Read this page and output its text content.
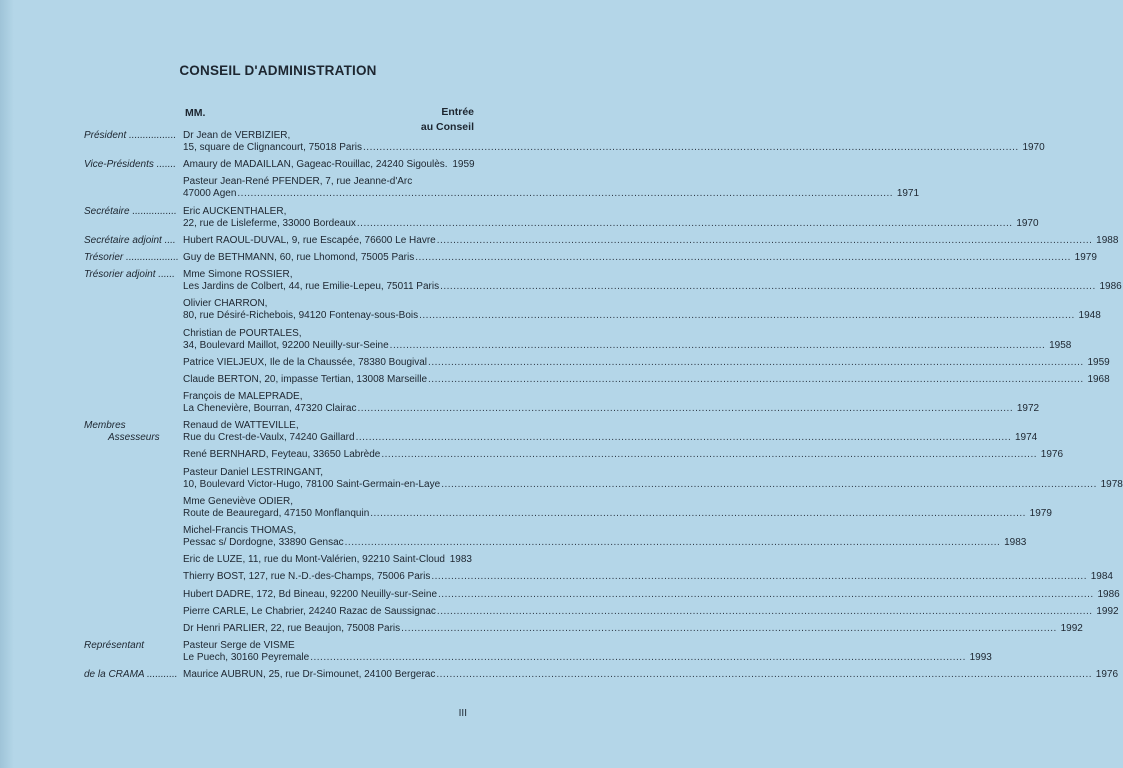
CONSEIL D'ADMINISTRATION
MM.	Entrée
au Conseil
Président ................. Dr Jean de VERBIZIER,
15, square de Clignancourt, 75018 Paris ........................................................................................................................................................................................................ 1970
Vice-Présidents ....... Amaury de MADAILLAN, Gageac-Rouillac, 24240 Sigoulès. 1959
Pasteur Jean-René PFENDER, 7, rue Jeanne-d'Arc
47000 Agen ........................................................................................................................................................................................................ 1971
Secrétaire ................ Eric AUCKENTHALER,
22, rue de Lisleferme, 33000 Bordeaux ........................................................................................................................................................................................................ 1970
Secrétaire adjoint .... Hubert RAOUL-DUVAL, 9, rue Escapée, 76600 Le Havre ........................................................................................................................................................................................................ 1988
Trésorier ................... Guy de BETHMANN, 60, rue Lhomond, 75005 Paris ........................................................................................................................................................................................................ 1979
Trésorier adjoint ...... Mme Simone ROSSIER,
Les Jardins de Colbert, 44, rue Emilie-Lepeu, 75011 Paris ........................................................................................................................................................................................................ 1986
Olivier CHARRON,
80, rue Désiré-Richebois, 94120 Fontenay-sous-Bois ........................................................................................................................................................................................................ 1948
Christian de POURTALES,
34, Boulevard Maillot, 92200 Neuilly-sur-Seine ........................................................................................................................................................................................................ 1958
Patrice VIELJEUX, Ile de la Chaussée, 78380 Bougival ........................................................................................................................................................................................................ 1959
Claude BERTON, 20, impasse Tertian, 13008 Marseille ........................................................................................................................................................................................................ 1968
François de MALEPRADE,
La Chenevière, Bourran, 47320 Clairac ........................................................................................................................................................................................................ 1972
Membres
Assesseurs
Renaud de WATTEVILLE,
Rue du Crest-de-Vaulx, 74240 Gaillard ........................................................................................................................................................................................................ 1974
René BERNHARD, Feyteau, 33650 Labrède ........................................................................................................................................................................................................ 1976
Pasteur Daniel LESTRINGANT,
10, Boulevard Victor-Hugo, 78100 Saint-Germain-en-Laye ........................................................................................................................................................................................................ 1978
Mme Geneviève ODIER,
Route de Beauregard, 47150 Monflanquin ........................................................................................................................................................................................................ 1979
Michel-Francis THOMAS,
Pessac s/ Dordogne, 33890 Gensac ........................................................................................................................................................................................................ 1983
Eric de LUZE, 11, rue du Mont-Valérien, 92210 Saint-Cloud 1983
Thierry BOST, 127, rue N.-D.-des-Champs, 75006 Paris ........................................................................................................................................................................................................ 1984
Hubert DADRE, 172, Bd Bineau, 92200 Neuilly-sur-Seine ........................................................................................................................................................................................................ 1986
Pierre CARLE, Le Chabrier, 24240 Razac de Saussignac ........................................................................................................................................................................................................ 1992
Dr Henri PARLIER, 22, rue Beaujon, 75008 Paris ........................................................................................................................................................................................................ 1992
Représentant	Pasteur Serge de VISME
Le Puech, 30160 Peyremale ........................................................................................................................................................................................................ 1993
de la CRAMA ........... Maurice AUBRUN, 25, rue Dr-Simounet, 24100 Bergerac ........................................................................................................................................................................................................ 1976
III
